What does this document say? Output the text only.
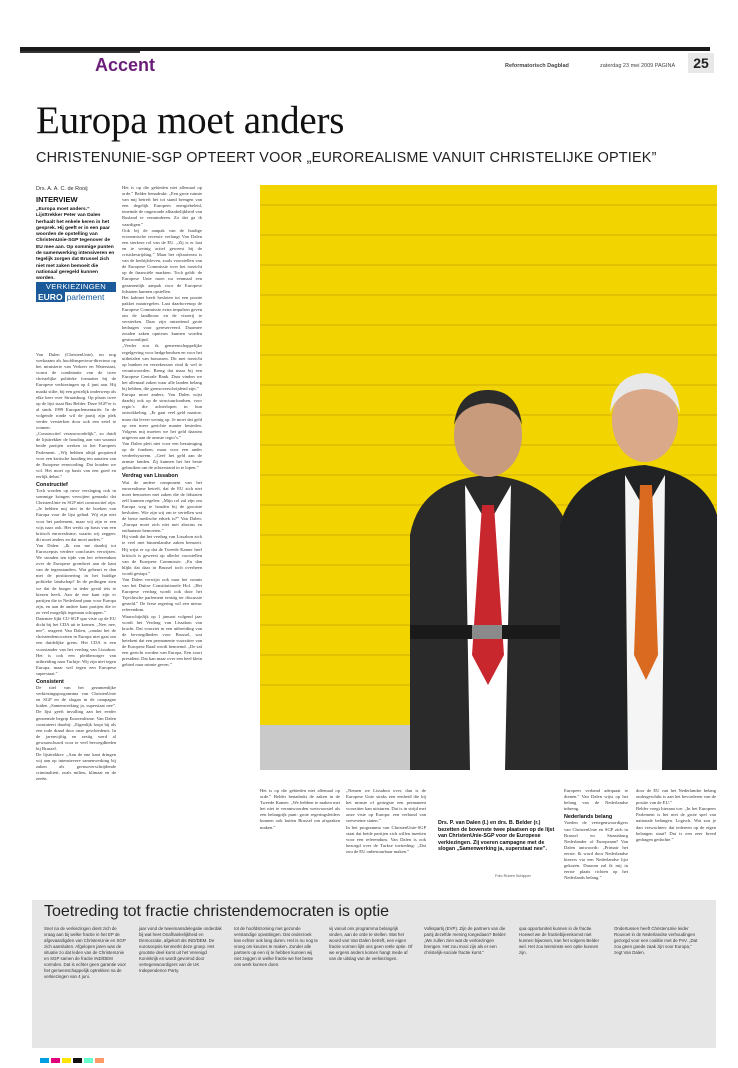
Accent	Reformatorisch Dagblad	zaterdag 23 mei 2009 PAGINA	25
Europa moet anders
CHRISTENUNIE-SGP OPTEERT VOOR „EUROREALISME VANUIT CHRISTELIJKE OPTIEK”
Drs. A. A. C. de Rooij
INTERVIEW
„Europa moet anders.” Lijsttrekker Peter van Dalen herhaalt het enkele keren in het gesprek. Hij geeft er in een paar woorden de opstelling van ChristenUnie-SGP tegenover de EU mee aan. Op sommige punten de samenwerking intensiveren en tegelijk zorgen dat Brussel zich niet met zaken bemoeit die nationaal geregeld kunnen worden.
VERKIEZINGEN
EURO parlement

Van Dalen (ChristenUnie), nu nog werkzaam als hoofdinspecteur-directeur op het ministerie van Verkeer en Waterstaat, vormt de combinatie van de twee christelijke politieke formaties bij de Europese verkiezingen op 4 juni aan. Hij maakt stilte, bij een gestelijk onderwerp als elke keer over Straatsburg. Op plaats twee op de lijst staat Bas Belder. Deze SGP’er is al sinds 1999 Europarlementariër. In de volgende ronde wil de partij zijn plek verder versterken door ook een zetel te winnen.

„Constructief veranwoordelijk”, zo duidt de lijsttrekker de houding aan van waaruit beide partijen werken in het Europees Parlement. „Wij hebben altijd geopteerd voor een kritische houding ten aanzien van de Europese eenwording. Dat houden we vol. Het moet op basis van een goed en eerlijk debat.”

Constructief

Toch worden op ruwe verslaging ook in sommige kringen verwijten gemaakt dat ChristenUnie en SGP niet constructief zijn. „Je hebben mij niet in de boeken van Europa voor de lijst gehad. Wij zijn niet voor het parlement, maar wij zijn er een wijs naar ook. Het werkt op basis van een kritisch eurorealisme, waarin wij zeggen: dit moet anders en dat moet anders.”

Van Dalen: „Ik zou me daarbij tot Euroscepsis verdere conclusies verwijzen. We stonden ten tijde van het referendum over de Europese grondwet aan de kant van de tegenstanders. Wat gebeurt er dan met de positionering in het huidige politieke landschap? In de peilingen zien we dat de burger in ieder geval iets te kiezen heeft. Aan de ene kant zijn er partijen die in Nederland puur voor Europa zijn, en aan de andere kant partijen die er zo veel mogelijk tegenaan schoppen.”

Daarmee lijkt CU-SGP qua visie op de EU dicht bij het CDA uit te komen. „Nee, nee, nee”, reageert Van Dalen, „omdat het de christendemocraten in Europa niet gaat om een duidelijke grens. Het CDA is een voorstander van het verdrag van Lissabon. Het is ook een pleitbezorger van uitbreiding naar Turkije. Wij zijn niet tegen Europa, maar wel tegen een Europese superstaat.”

Consistent

De titel van het gezamenlijke verkiezingsprogramma van ChristenUnie en SGP en de slogan in de campagne luiden „Samenwerking ja, superstaat nee”. De lijst geeft invulling aan het eerder genoemde begrip Eurorealisme. Van Dalen constateert daarbij: „Eigenlijk loopt hij als een rode draad door onze geschiedenis. In de jarenvijftig en zestig werd al gewaarschuwd voor te veel bevoegdheden bij Brussel.

De lijsttrekker: „Aan de ene kant dringen wij aan op intensievere samenwerking bij zaken als grensoverschrijdende criminaliteit, zoals milieu, klimaat en de zeeën.

Het is op die gebieden niet allemaal op orde.” Belder benadrukt: „Een grote ruimte van mij betreft het tot stand brengen van een degelijk Europees energiebeleid, teneinde de ongezonde afhankelijkheid van Rusland te verminderen. Zo dat ga ik vaardigen.”

Ook bij de aanpak van de huidige economische recessie verlangt Van Dalen een sterkere rol van de EU. „Zij is er laat en te weinig actief geweest bij de crisisbestrijding.” Maar het rijksniveau is van de bedrijfsleven, zoals voorstellen van de Europese Commissie over het toezicht op de financiële markten. Toch geldt: de Europese Unie moet nu eenmaal een gezamenlijk aanpak voor de Europese lidstaten kunnen opstellen.

Het kabinet heeft besloten tot een pronte pakket maatregelen. Laat daarbovenop de Europese Commissie extra impulsen geven om de landbouw en de visserij te versterken. Daar zijn ontzettend grote bedragen voor gereserveerd. Daarmee zouden zaken opnieuw kunnen worden gestroomlijnd.

„Verder zou ik gemeenschappelijke regelgeving voor hedgefondsen en voor het uitbetalen van bonussen. Dit met toezicht op banken en verzekeraars vind ik wel te verantwoorden. Breng dat maar bij een Europese Centrale Bank. Daar vinden we het allemaal zaken waar alle landen belang bij hebben, die grensoverschrijdend zijn.”

Europa moet anders. Van Dalen wijst daarbij ook op de structuurfondsen, voor regio’s die achterlopen in hun ontwikkeling. „Er gaat veel geld naartoe, maar dat levert weinig op. Je moet dat geld op een meer gerichte manier besteden. Volgens mij moeten we het geld daarom uitgeven aan de armste regio’s.”

Van Dalen pleit niet voor een bezuiniging op de fondsen, maar voor een ander verdeelsysteem. „Geef het geld aan de armste landen. Zij kunnen het het beste gebruiken om de achterstand in te lopen.”

Verdrag van Lissabon

Wat de andere component van het eurorealisme betreft, dat de EU zich niet moet bemoeien met zaken die de lidstaten zelf kunnen regelen: „Mijn rol zal zijn om Europa weg te houden bij de grootste besluiten. Wie zijn wij om te vertellen wat de beste medische ethiek is?” Van Dalen: „Europa moet zich niet met abortus en euthanasie bemoeien.”

Hij vindt dat het verdrag van Lissabon zich te veel met binnenlandse zaken bemoeit. Hij wijst er op dat de Tweede Kamer heel kritisch is geweest op allerlei voorstellen van de Europese Commissie. „En dan blijkt dat daar in Brussel toch overheen wordt gestapt.”

Van Dalen verwijst ook naar het vonnis van het Duitse Constitutionele Hof. „Het Europese verdrag wordt ook door het Tsjechische parlement ernstig ter discussie gesteld.” De Ierse regering wil een nieuw referendum.

Waarschijnlijk op 1 januari volgend jaar wordt het Verdrag van Lissabon van kracht. Dat voorziet in een uitbreiding van de bevoegdheden voor Brussel, wat betekent dat een permanente voorzitter van de Europese Raad wordt benoemd. „De zal een gezicht worden van Europa. Een soort president. Dat kan maar over een heel klein gebied naar ruimte geven.”

Het is op die gebieden niet allemaal op orde.” Belder benadrukt de zaken in de Tweede Kamer: „We hebben te maken met het niet te verantwoorden wetsvoorstel als een belangrijk punt: grote regeringsleiders kunnen ook buiten Brussel om afspraken maken.”

„Nemen we Lissabon over, dan is de Europese Unie straks een eenheid die bij het minste of geringste een permanent voorzitter kan uitsturen. Dat is in strijd met onze visie op Europa: een verbond van soevereine staten.”

In het programma van ChristenUnie-SGP staat dat beide partijen zich willen inzetten voor een referendum. Van Dalen is ook bezorgd over de Turkse toetreding: „Dat zou de EU onbestuurbaar maken.”

Drs. P. van Dalen (l.) en drs. B. Belder (r.) bezetten de bovenste twee plaatsen op de lijst van ChristenUnie-SGP voor de Europese verkiezingen. Zij voeren campagne met de slogan „Samenwerking ja, superstaat nee”.
Foto Ruben Schipper

Europees verband adequaat te dienen.” Van Dalen wijst op het belang van de Nederlandse inbreng.

Nederlands belang

Voeden de vertegenwoordigers van ChristenUnie en SGP zich in Brussel en Straatsburg Nederlander of Europeaan? Van Dalen antwoordt: „Primair het eerste. Ik word door Nederlandse kiezers via een Nederlandse lijst gekozen. Daarom zal ik mij in eerste plaats richten op het Nederlands belang.”

door de EU van het Nederlandse belang ondergeschikt is aan het bevorderen van de positie van de EU.”

Belder voegt hieraan toe: „In het Europees Parlement is het niet de grote spel van nationale belangen. Logisch. Wat zou je dan verwachten: dat iedereen op de eigen belangen staat? Dat is een zeer breed gedragen gedachte.”

Toetreding tot fractie christendemocraten is optie
Snel na de verkiezingen dient zich de vraag aan bij welke fractie in het EP de afgevaardigden van ChristenUnie en SGP zich aansluiten. Afgelopen jaren was de situatie zo dat leden van de ChristenUnie en SGP samen de fractie IND/DEM vormden. Dat is echter geen garantie voor het gemeenschappelijk optrekken na de verkiezingen van 4 juni.
jaar vond de tweemansdelegatie onderdak bij wat heet Onafhankelijkheid en Democratie, afgekort als IND/DEM. De euroscepsis kenmerkt deze groep. Het grootste deel komt uit het Verenigd Koninkrijk en wordt gevormd door vertegenwoordigers van de UK Independence Party.
tot de hoofdstroming met gezonde verstandige opvattingen. Dat onderzoek kan echter ook lang duren. Het is nu nog te vroeg om keuzes te maken. Zonder alle partners op een rij te hebben kunnen wij niet zeggen in welke fractie we het beste ons werk kunnen doen.
vij vanuit ons programma belangrijk vinden, aan de orde te stellen. Wat het woord van Van Dalen betreft, een eigen fractie vormen lijkt ons geen reële optie. Of we ergens anders komen hangt mede af van de uitslag van de verkiezingen.
Volkspartij (EVP). Zijn de partners van die partij dezelfde mening toegedaan? Belder: „We zullen zien wat de verkiezingen brengen. Het zou mooi zijn als er een christelijk-sociale fractie komt.”
qua opportuniteit kunnen in de fractie. Hoewel we de fractiebijeenkomst niet kunnen bijwonen, kan het volgens Belder wel. Het zou tenminste een optie kunnen zijn.
Ondertussen heeft ChristenUnie leider Rouvoet in de Nederlandse verhoudingen gezorgd voor een coalitie met de PvV. „Dat zou geen goede zaak zijn voor Europa,” zegt Van Dalen.
